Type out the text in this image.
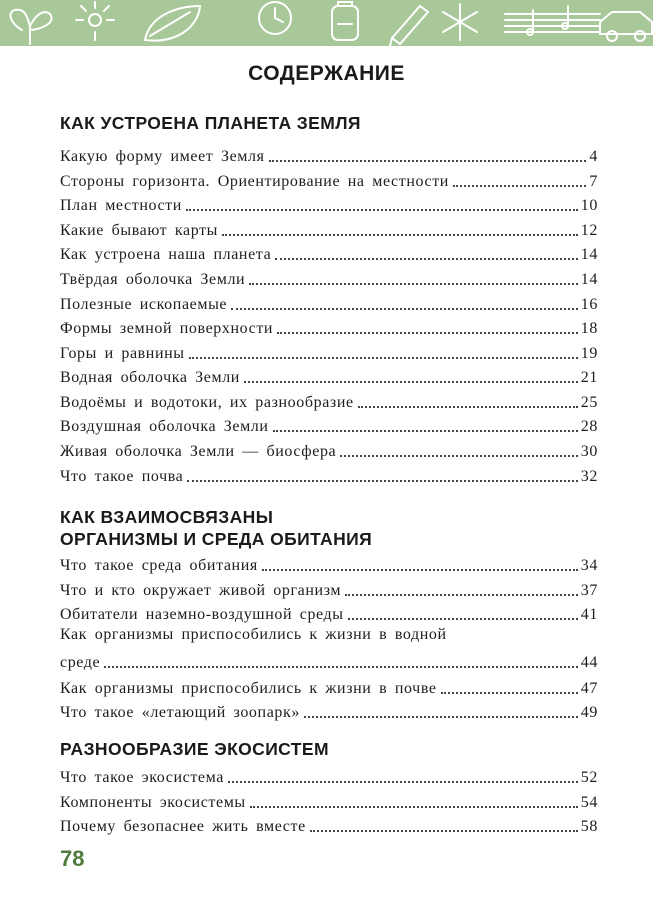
СОДЕРЖАНИЕ
КАК УСТРОЕНА ПЛАНЕТА ЗЕМЛЯ
Какую форму имеет Земля	4
Стороны горизонта. Ориентирование на местности	7
План местности	10
Какие бывают карты	12
Как устроена наша планета	14
Твёрдая оболочка Земли	14
Полезные ископаемые	16
Формы земной поверхности	18
Горы и равнины	19
Водная оболочка Земли	21
Водоёмы и водотоки, их разнообразие	25
Воздушная оболочка Земли	28
Живая оболочка Земли — биосфера	30
Что такое почва	32
КАК ВЗАИМОСВЯЗАНЫ
ОРГАНИЗМЫ И СРЕДА ОБИТАНИЯ
Что такое среда обитания	34
Что и кто окружает живой организм	37
Обитатели наземно-воздушной среды	41
Как организмы приспособились к жизни в водной
среде	44
Как организмы приспособились к жизни в почве	47
Что такое «летающий зоопарк»	49
РАЗНООБРАЗИЕ ЭКОСИСТЕМ
Что такое экосистема	52
Компоненты экосистемы	54
Почему безопаснее жить вместе	58
78
